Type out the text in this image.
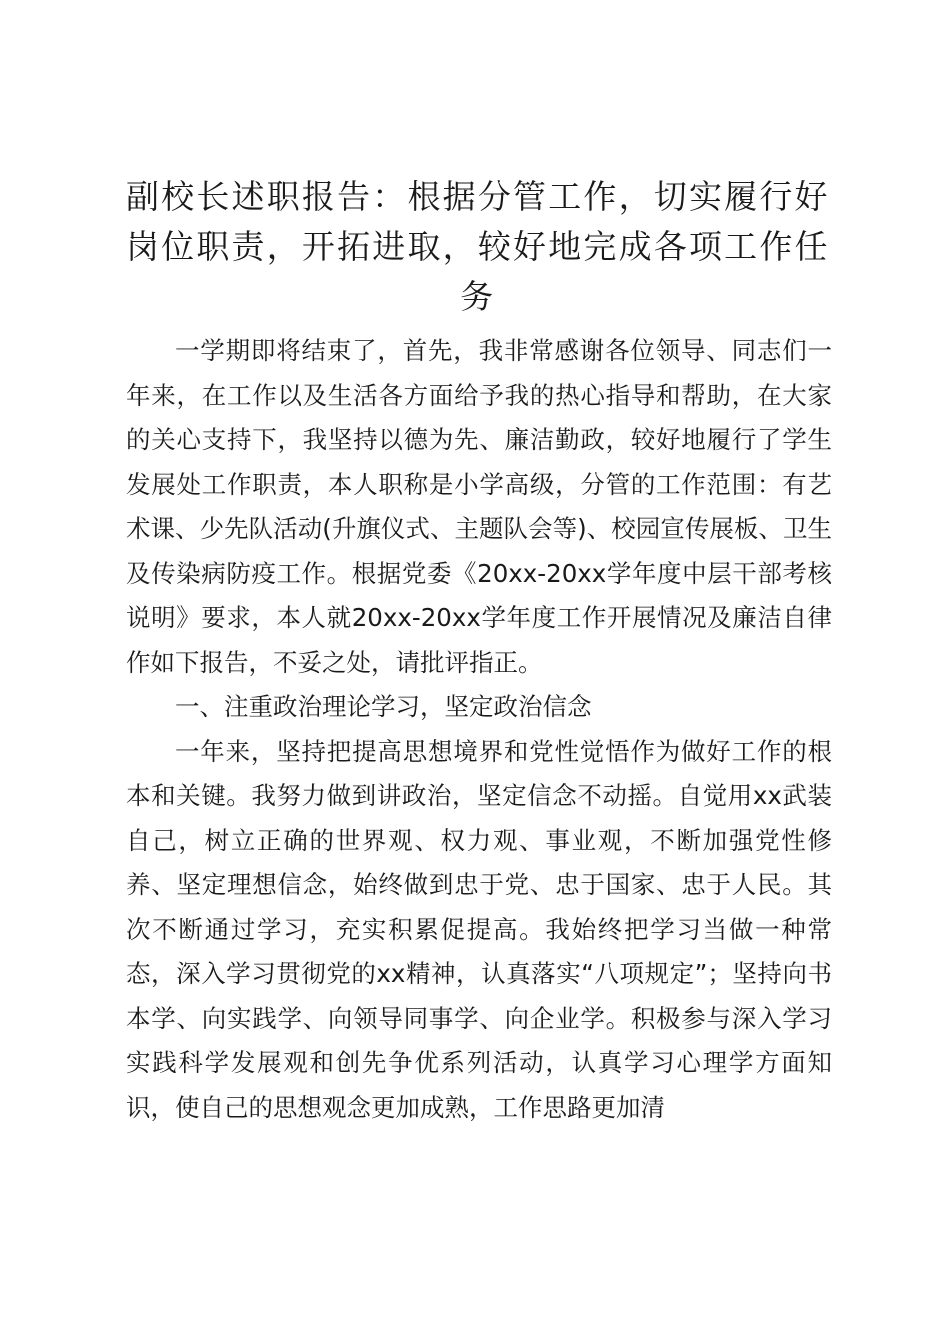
副校长述职报告：根据分管工作，切实履行好岗位职责，开拓进取，较好地完成各项工作任务

一学期即将结束了，首先，我非常感谢各位领导、同志们一年来，在工作以及生活各方面给予我的热心指导和帮助，在大家的关心支持下，我坚持以德为先、廉洁勤政，较好地履行了学生发展处工作职责，本人职称是小学高级，分管的工作范围：有艺术课、少先队活动(升旗仪式、主题队会等)、校园宣传展板、卫生及传染病防疫工作。根据党委《20xx-20xx学年度中层干部考核说明》要求，本人就20xx-20xx学年度工作开展情况及廉洁自律作如下报告，不妥之处，请批评指正。

一、注重政治理论学习，坚定政治信念

一年来，坚持把提高思想境界和党性觉悟作为做好工作的根本和关键。我努力做到讲政治，坚定信念不动摇。自觉用xx武装自己，树立正确的世界观、权力观、事业观，不断加强党性修养、坚定理想信念，始终做到忠于党、忠于国家、忠于人民。其次不断通过学习，充实积累促提高。我始终把学习当做一种常态，深入学习贯彻党的xx精神，认真落实“八项规定”；坚持向书本学、向实践学、向领导同事学、向企业学。积极参与深入学习实践科学发展观和创先争优系列活动，认真学习心理学方面知识，使自己的思想观念更加成熟，工作思路更加清
